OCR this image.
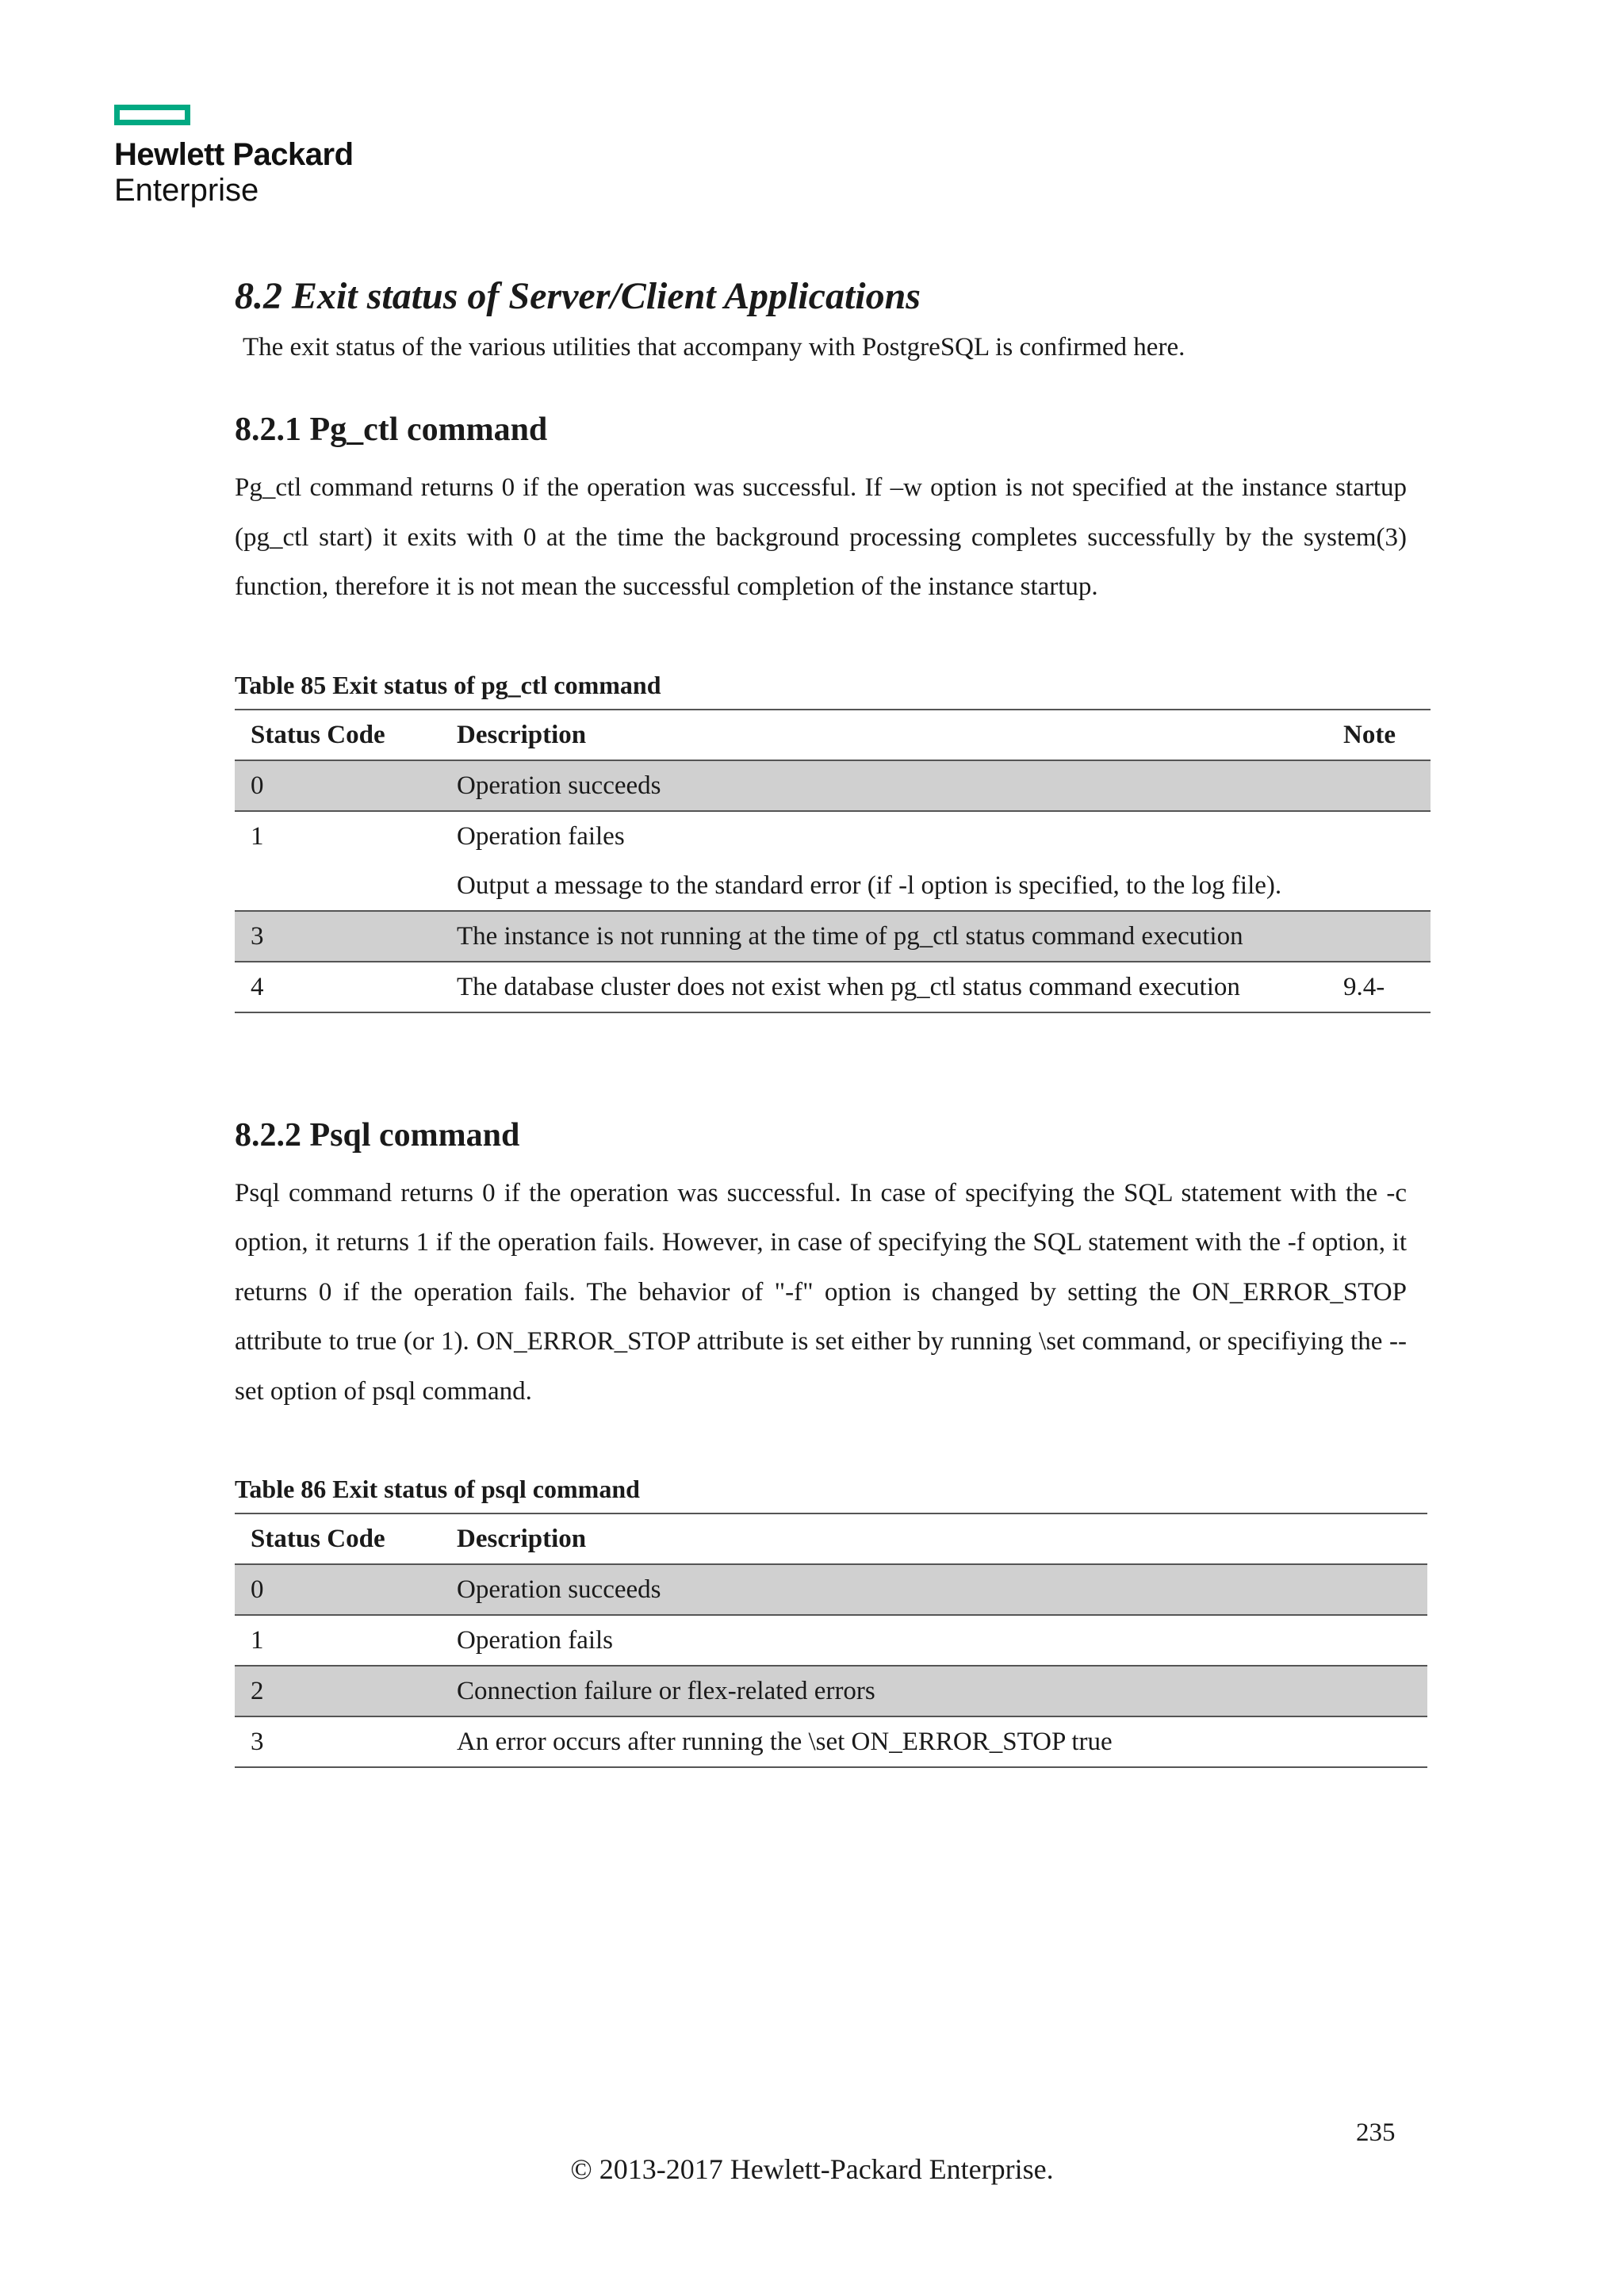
Hewlett Packard
Enterprise
8.2 Exit status of Server/Client Applications

The exit status of the various utilities that accompany with PostgreSQL is confirmed here.

8.2.1 Pg_ctl command

Pg_ctl command returns 0 if the operation was successful. If –w option is not specified at the instance startup (pg_ctl start) it exits with 0 at the time the background processing completes successfully by the system(3) function, therefore it is not mean the successful completion of the instance startup.

Table 85 Exit status of pg_ctl command
Status Code	Description	Note
0	Operation succeeds	
1	Operation failes
Output a message to the standard error (if -l option is specified, to the log file).	

3	The instance is not running at the time of pg_ctl status command execution	
4	The database cluster does not exist when pg_ctl status command execution	9.4-
8.2.2 Psql command

Psql command returns 0 if the operation was successful. In case of specifying the SQL statement with the -c option, it returns 1 if the operation fails. However, in case of specifying the SQL statement with the -f option, it returns 0 if the operation fails. The behavior of "-f" option is changed by setting the ON_ERROR_STOP attribute to true (or 1). ON_ERROR_STOP attribute is set either by running \set command, or specifiying the --set option of psql command.

Table 86 Exit status of psql command
Status Code	Description
0	Operation succeeds
1	Operation fails
2	Connection failure or flex-related errors
3	An error occurs after running the \set ON_ERROR_STOP true
235
© 2013-2017 Hewlett-Packard Enterprise.
